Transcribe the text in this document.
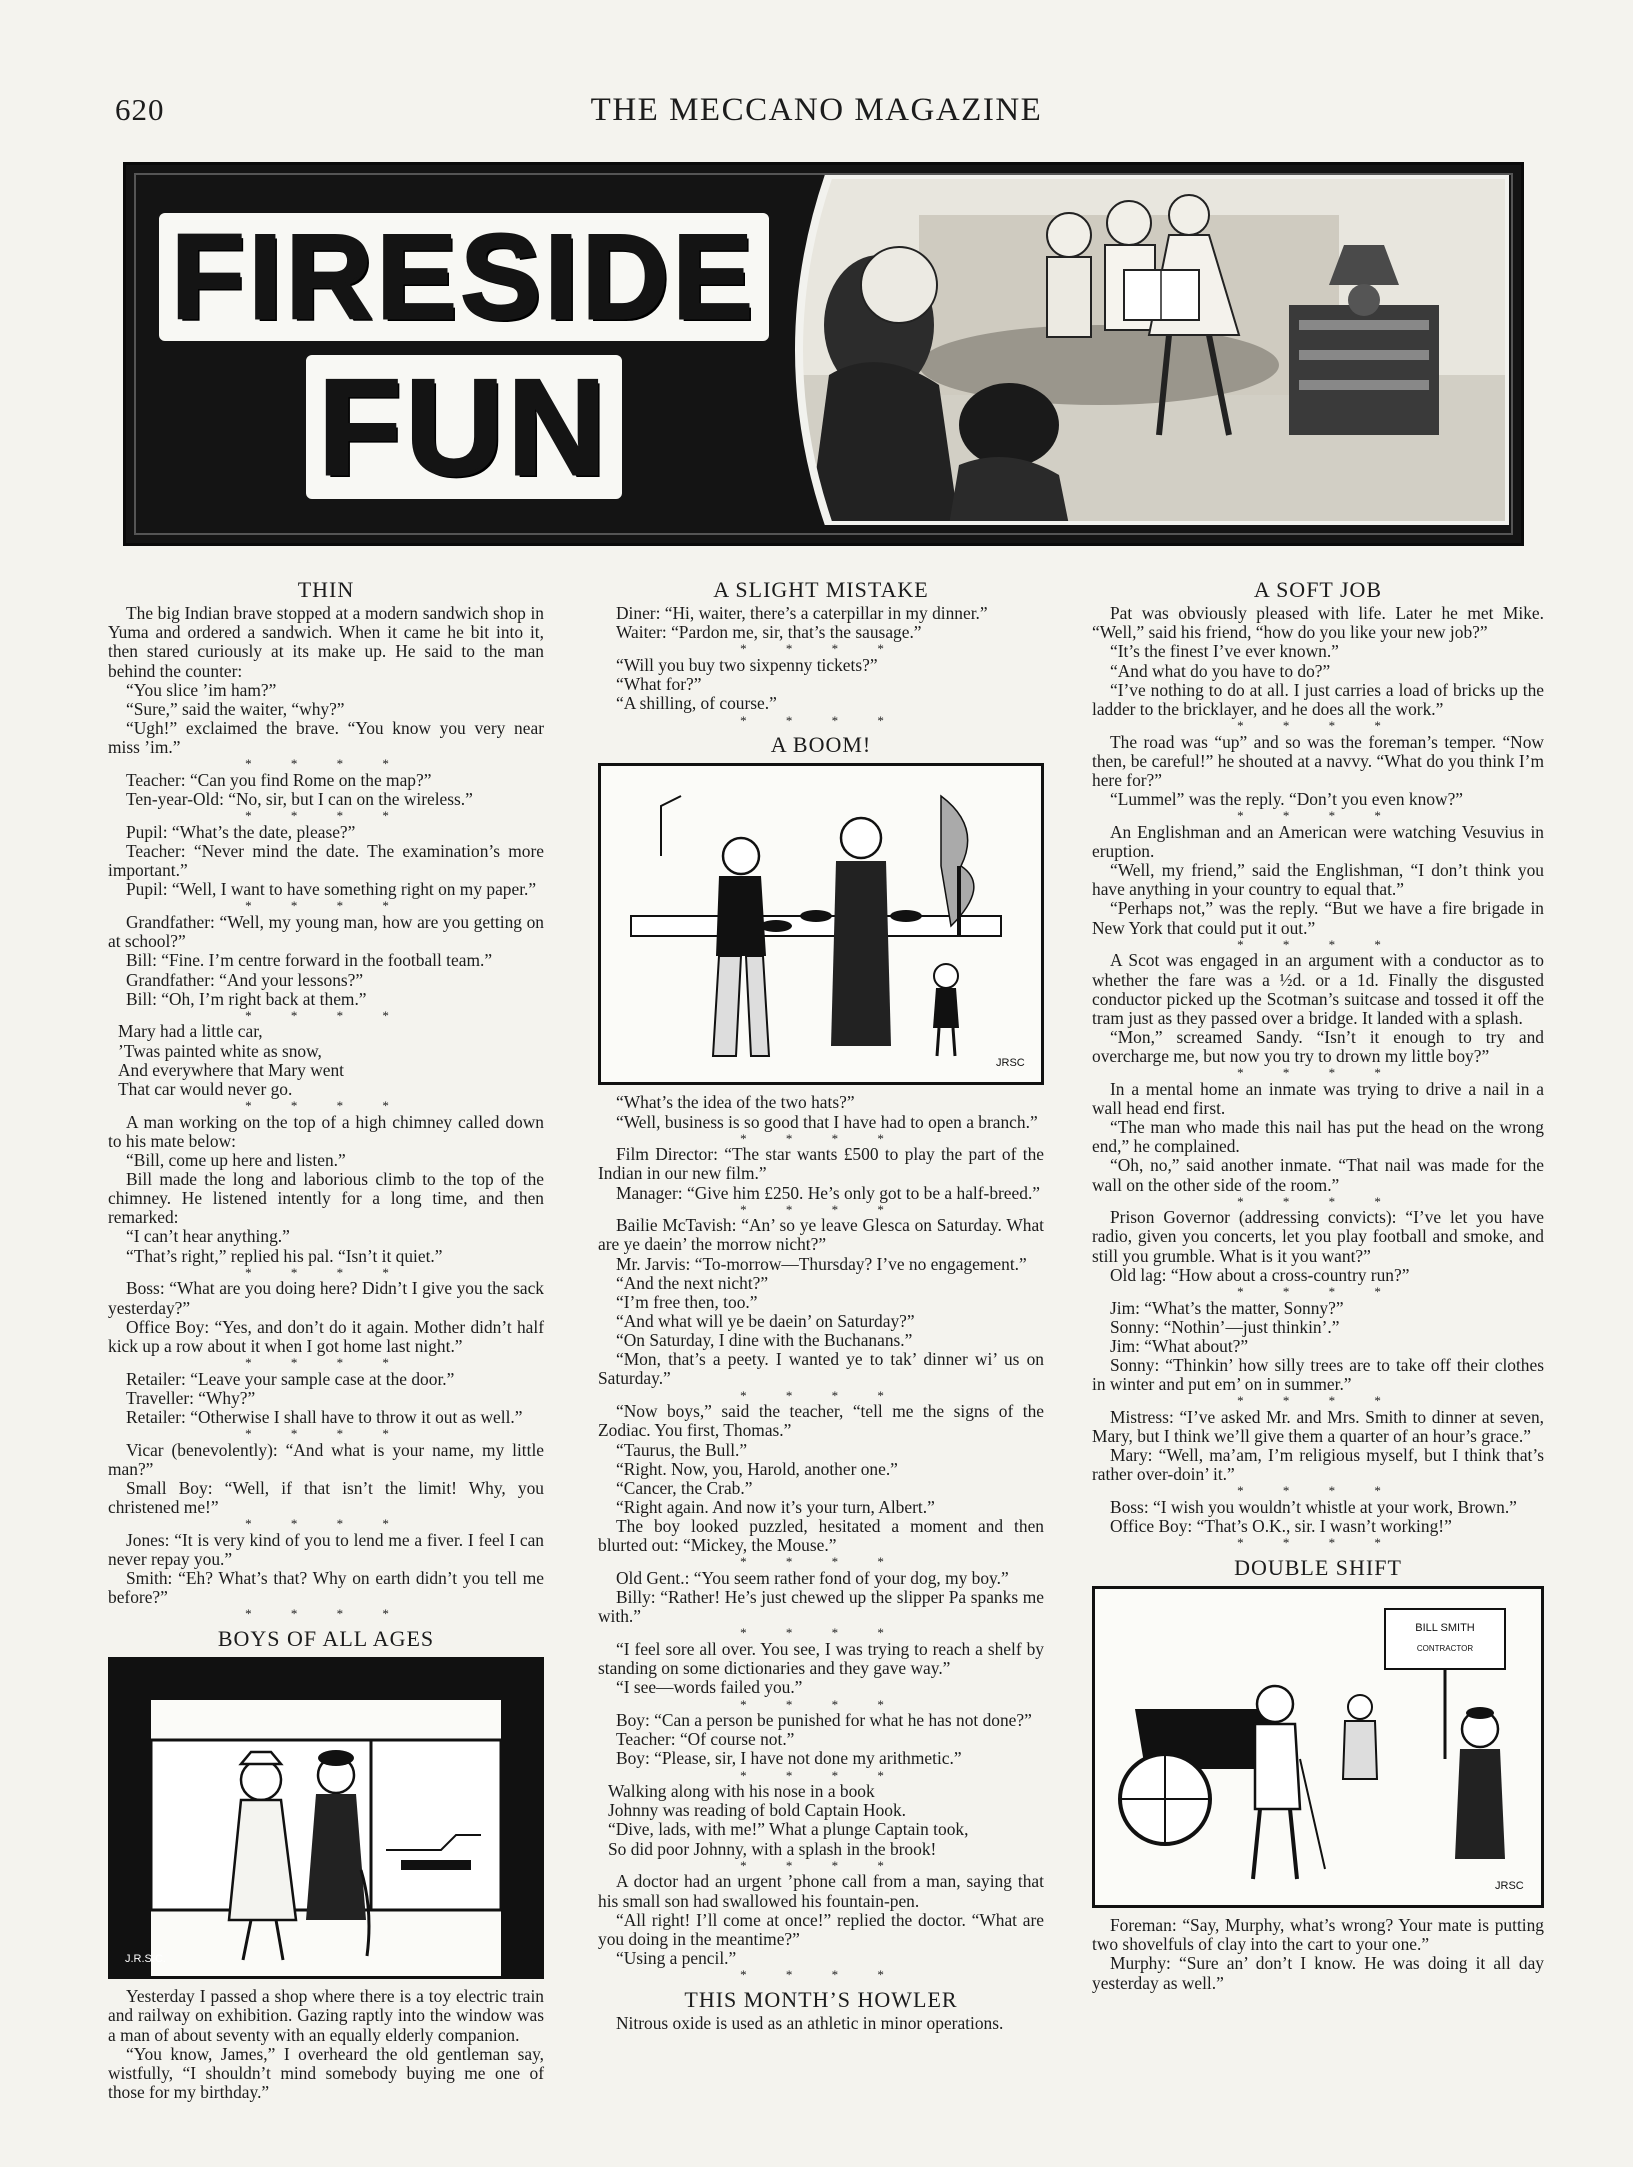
THE MECCANO MAGAZINE
620
FIRESIDE
FUN
THIN

The big Indian brave stopped at a modern sandwich shop in Yuma and ordered a sandwich. When it came he bit into it, then stared curiously at its make up. He said to the man behind the counter:

“You slice ’im ham?”

“Sure,” said the waiter, “why?”

“Ugh!” exclaimed the brave. “You know you very near miss ’im.”

* * * *

Teacher: “Can you find Rome on the map?”

Ten-year-Old: “No, sir, but I can on the wireless.”

* * * *

Pupil: “What’s the date, please?”

Teacher: “Never mind the date. The examination’s more important.”

Pupil: “Well, I want to have something right on my paper.”

* * * *

Grandfather: “Well, my young man, how are you getting on at school?”

Bill: “Fine. I’m centre forward in the football team.”

Grandfather: “And your lessons?”

Bill: “Oh, I’m right back at them.”

* * * *

Mary had a little car,

’Twas painted white as snow,

And everywhere that Mary went

That car would never go.

* * * *

A man working on the top of a high chimney called down to his mate below:

“Bill, come up here and listen.”

Bill made the long and laborious climb to the top of the chimney. He listened intently for a long time, and then remarked:

“I can’t hear anything.”

“That’s right,” replied his pal. “Isn’t it quiet.”

* * * *

Boss: “What are you doing here? Didn’t I give you the sack yesterday?”

Office Boy: “Yes, and don’t do it again. Mother didn’t half kick up a row about it when I got home last night.”

* * * *

Retailer: “Leave your sample case at the door.”

Traveller: “Why?”

Retailer: “Otherwise I shall have to throw it out as well.”

* * * *

Vicar (benevolently): “And what is your name, my little man?”

Small Boy: “Well, if that isn’t the limit! Why, you christened me!”

* * * *

Jones: “It is very kind of you to lend me a fiver. I feel I can never repay you.”

Smith: “Eh? What’s that? Why on earth didn’t you tell me before?”

* * * *

BOYS OF ALL AGES
J.R.S.C.

Yesterday I passed a shop where there is a toy electric train and railway on exhibition. Gazing raptly into the window was a man of about seventy with an equally elderly companion.

“You know, James,” I overheard the old gentleman say, wistfully, “I shouldn’t mind somebody buying me one of those for my birthday.”

A SLIGHT MISTAKE

Diner: “Hi, waiter, there’s a caterpillar in my dinner.”

Waiter: “Pardon me, sir, that’s the sausage.”

* * * *

“Will you buy two sixpenny tickets?”

“What for?”

“A shilling, of course.”

* * * *

A BOOM!
JRSC

“What’s the idea of the two hats?”

“Well, business is so good that I have had to open a branch.”

* * * *

Film Director: “The star wants £500 to play the part of the Indian in our new film.”

Manager: “Give him £250. He’s only got to be a half-breed.”

* * * *

Bailie McTavish: “An’ so ye leave Glesca on Saturday. What are ye daein’ the morrow nicht?”

Mr. Jarvis: “To-morrow—Thursday? I’ve no engagement.”

“And the next nicht?”

“I’m free then, too.”

“And what will ye be daein’ on Saturday?”

“On Saturday, I dine with the Buchanans.”

“Mon, that’s a peety. I wanted ye to tak’ dinner wi’ us on Saturday.”

* * * *

“Now boys,” said the teacher, “tell me the signs of the Zodiac. You first, Thomas.”

“Taurus, the Bull.”

“Right. Now, you, Harold, another one.”

“Cancer, the Crab.”

“Right again. And now it’s your turn, Albert.”

The boy looked puzzled, hesitated a moment and then blurted out: “Mickey, the Mouse.”

* * * *

Old Gent.: “You seem rather fond of your dog, my boy.”

Billy: “Rather! He’s just chewed up the slipper Pa spanks me with.”

* * * *

“I feel sore all over. You see, I was trying to reach a shelf by standing on some dictionaries and they gave way.”

“I see—words failed you.”

* * * *

Boy: “Can a person be punished for what he has not done?”

Teacher: “Of course not.”

Boy: “Please, sir, I have not done my arithmetic.”

* * * *

Walking along with his nose in a book

Johnny was reading of bold Captain Hook.

“Dive, lads, with me!” What a plunge Captain took,

So did poor Johnny, with a splash in the brook!

* * * *

A doctor had an urgent ’phone call from a man, saying that his small son had swallowed his fountain-pen.

“All right! I’ll come at once!” replied the doctor. “What are you doing in the meantime?”

“Using a pencil.”

* * * *

THIS MONTH’S HOWLER

Nitrous oxide is used as an athletic in minor operations.

A SOFT JOB

Pat was obviously pleased with life. Later he met Mike. “Well,” said his friend, “how do you like your new job?”

“It’s the finest I’ve ever known.”

“And what do you have to do?”

“I’ve nothing to do at all. I just carries a load of bricks up the ladder to the bricklayer, and he does all the work.”

* * * *

The road was “up” and so was the foreman’s temper. “Now then, be careful!” he shouted at a navvy. “What do you think I’m here for?”

“Lummel” was the reply. “Don’t you even know?”

* * * *

An Englishman and an American were watching Vesuvius in eruption.

“Well, my friend,” said the Englishman, “I don’t think you have anything in your country to equal that.”

“Perhaps not,” was the reply. “But we have a fire brigade in New York that could put it out.”

* * * *

A Scot was engaged in an argument with a conductor as to whether the fare was a ½d. or a 1d. Finally the disgusted conductor picked up the Scotman’s suitcase and tossed it off the tram just as they passed over a bridge. It landed with a splash.

“Mon,” screamed Sandy. “Isn’t it enough to try and overcharge me, but now you try to drown my little boy?”

* * * *

In a mental home an inmate was trying to drive a nail in a wall head end first.

“The man who made this nail has put the head on the wrong end,” he complained.

“Oh, no,” said another inmate. “That nail was made for the wall on the other side of the room.”

* * * *

Prison Governor (addressing convicts): “I’ve let you have radio, given you concerts, let you play football and smoke, and still you grumble. What is it you want?”

Old lag: “How about a cross-country run?”

* * * *

Jim: “What’s the matter, Sonny?”

Sonny: “Nothin’—just thinkin’.”

Jim: “What about?”

Sonny: “Thinkin’ how silly trees are to take off their clothes in winter and put em’ on in summer.”

* * * *

Mistress: “I’ve asked Mr. and Mrs. Smith to dinner at seven, Mary, but I think we’ll give them a quarter of an hour’s grace.”

Mary: “Well, ma’am, I’m religious myself, but I think that’s rather over-doin’ it.”

* * * *

Boss: “I wish you wouldn’t whistle at your work, Brown.”

Office Boy: “That’s O.K., sir. I wasn’t working!”

* * * *

DOUBLE SHIFT
BILL SMITH
CONTRACTOR
JRSC

Foreman: “Say, Murphy, what’s wrong? Your mate is putting two shovelfuls of clay into the cart to your one.”

Murphy: “Sure an’ don’t I know. He was doing it all day yesterday as well.”
